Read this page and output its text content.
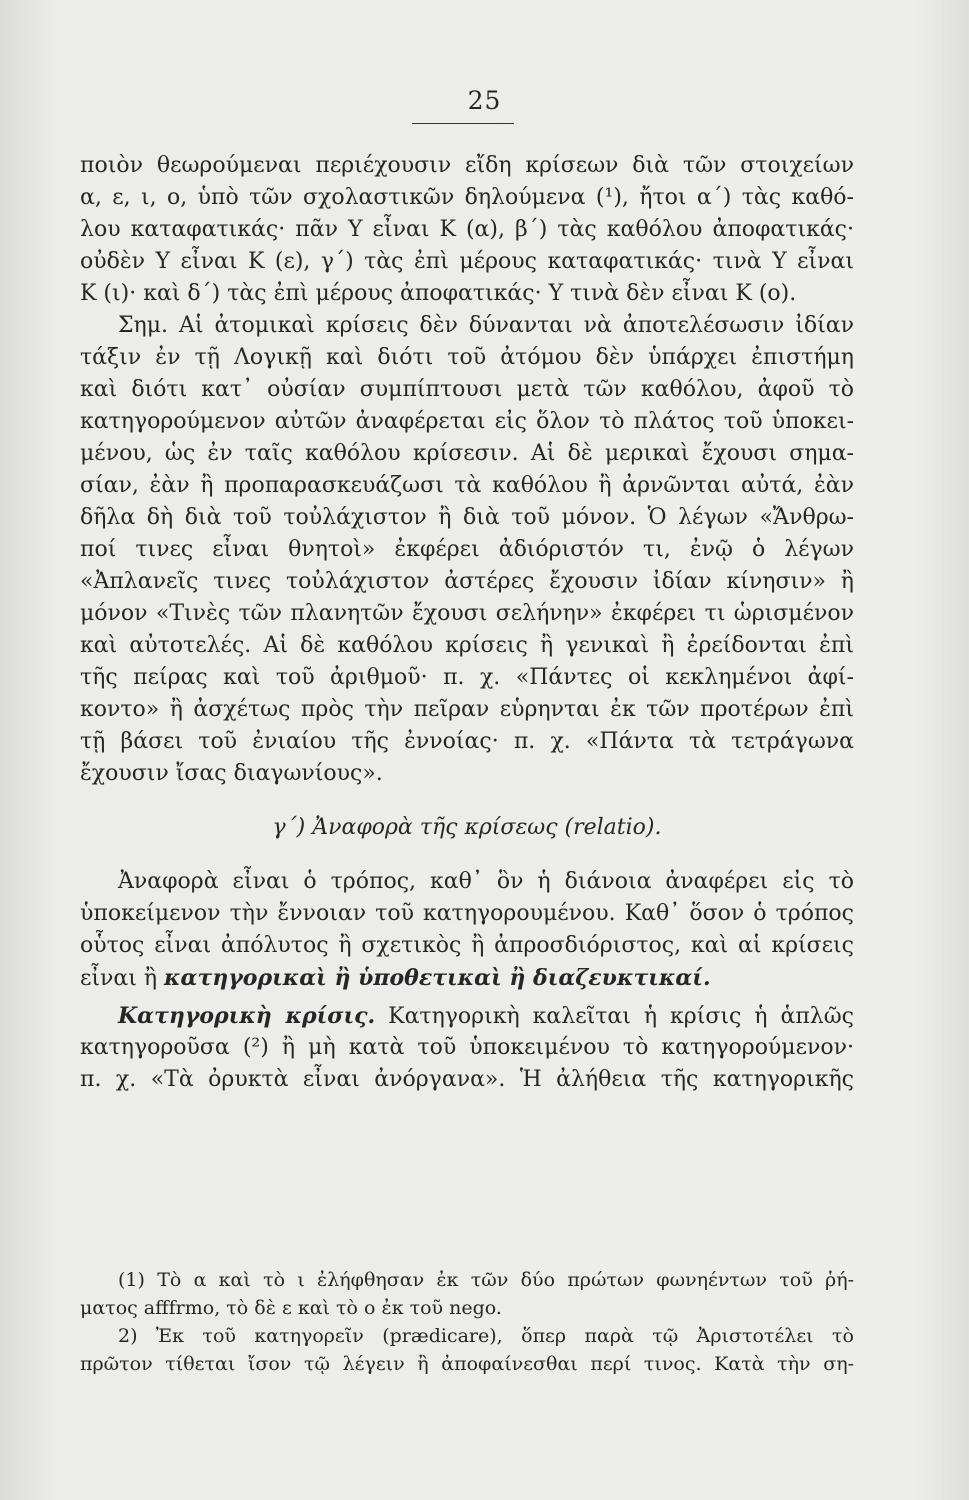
25
ποιὸν θεωρούμεναι περιέχουσιν εἴδη κρίσεων διὰ τῶν στοιχείων
α, ε, ι, ο, ὑπὸ τῶν σχολαστικῶν δηλούμενα (¹), ἤτοι α΄) τὰς καθό-
λου καταφατικάς· πᾶν Υ εἶναι Κ (α), β΄) τὰς καθόλου ἀποφατικάς·
οὐδὲν Υ εἶναι Κ (ε), γ΄) τὰς ἐπὶ μέρους καταφατικάς· τινὰ Υ εἶναι
Κ (ι)· καὶ δ΄) τὰς ἐπὶ μέρους ἀποφατικάς· Υ τινὰ δὲν εἶναι Κ (ο).
Σημ. Αἱ ἀτομικαὶ κρίσεις δὲν δύνανται νὰ ἀποτελέσωσιν ἰδίαν
τάξιν ἐν τῇ Λογικῇ καὶ διότι τοῦ ἀτόμου δὲν ὑπάρχει ἐπιστήμη
καὶ διότι κατ᾽ οὐσίαν συμπίπτουσι μετὰ τῶν καθόλου, ἀφοῦ τὸ
κατηγορούμενον αὐτῶν ἀναφέρεται εἰς ὅλον τὸ πλάτος τοῦ ὑποκει-
μένου, ὡς ἐν ταῖς καθόλου κρίσεσιν. Αἱ δὲ μερικαὶ ἔχουσι σημα-
σίαν, ἐὰν ἢ προπαρασκευάζωσι τὰ καθόλου ἢ ἀρνῶνται αὐτά, ἐὰν
δῆλα δὴ διὰ τοῦ τοὐλάχιστον ἢ διὰ τοῦ μόνον. Ὁ λέγων «Ἄνθρω-
ποί τινες εἶναι θνητοὶ» ἐκφέρει ἀδιόριστόν τι, ἐνῷ ὁ λέγων
«Ἀπλανεῖς τινες τοὐλάχιστον ἀστέρες ἔχουσιν ἰδίαν κίνησιν» ἢ
μόνον «Τινὲς τῶν πλανητῶν ἔχουσι σελήνην» ἐκφέρει τι ὡρισμένον
καὶ αὐτοτελές. Αἱ δὲ καθόλου κρίσεις ἢ γενικαὶ ἢ ἐρείδονται ἐπὶ
τῆς πείρας καὶ τοῦ ἀριθμοῦ· π. χ. «Πάντες οἱ κεκλημένοι ἀφί-
κοντο» ἢ ἀσχέτως πρὸς τὴν πεῖραν εὑρηνται ἐκ τῶν προτέρων ἐπὶ
τῇ βάσει τοῦ ἐνιαίου τῆς ἐννοίας· π. χ. «Πάντα τὰ τετράγωνα
ἔχουσιν ἴσας διαγωνίους».
γ΄) Ἀναφορὰ τῆς κρίσεως (relatio).
Ἀναφορὰ εἶναι ὁ τρόπος, καθ᾽ ὃν ἡ διάνοια ἀναφέρει εἰς τὸ
ὑποκείμενον τὴν ἔννοιαν τοῦ κατηγορουμένου. Καθ᾽ ὅσον ὁ τρόπος
οὗτος εἶναι ἀπόλυτος ἢ σχετικὸς ἢ ἀπροσδιόριστος, καὶ αἱ κρίσεις
εἶναι ἢ κατηγορικαὶ ἢ ὑποθετικαὶ ἢ διαζευκτικαί.
Κατηγορικὴ κρίσις. Κατηγορικὴ καλεῖται ἡ κρίσις ἡ ἁπλῶς
κατηγοροῦσα (²) ἢ μὴ κατὰ τοῦ ὑποκειμένου τὸ κατηγορούμενον·
π. χ. «Τὰ ὀρυκτὰ εἶναι ἀνόργανα». Ἡ ἀλήθεια τῆς κατηγορικῆς
(1) Τὸ α καὶ τὸ ι ἐλήφθησαν ἐκ τῶν δύο πρώτων φωνηέντων τοῦ ῥή-
ματος afffrmo, τὸ δὲ ε καὶ τὸ ο ἐκ τοῦ nego.
2) Ἐκ τοῦ κατηγορεῖν (prædicare), ὅπερ παρὰ τῷ Ἀριστοτέλει τὸ
πρῶτον τίθεται ἴσον τῷ λέγειν ἢ ἀποφαίνεσθαι περί τινος. Κατὰ τὴν ση-
